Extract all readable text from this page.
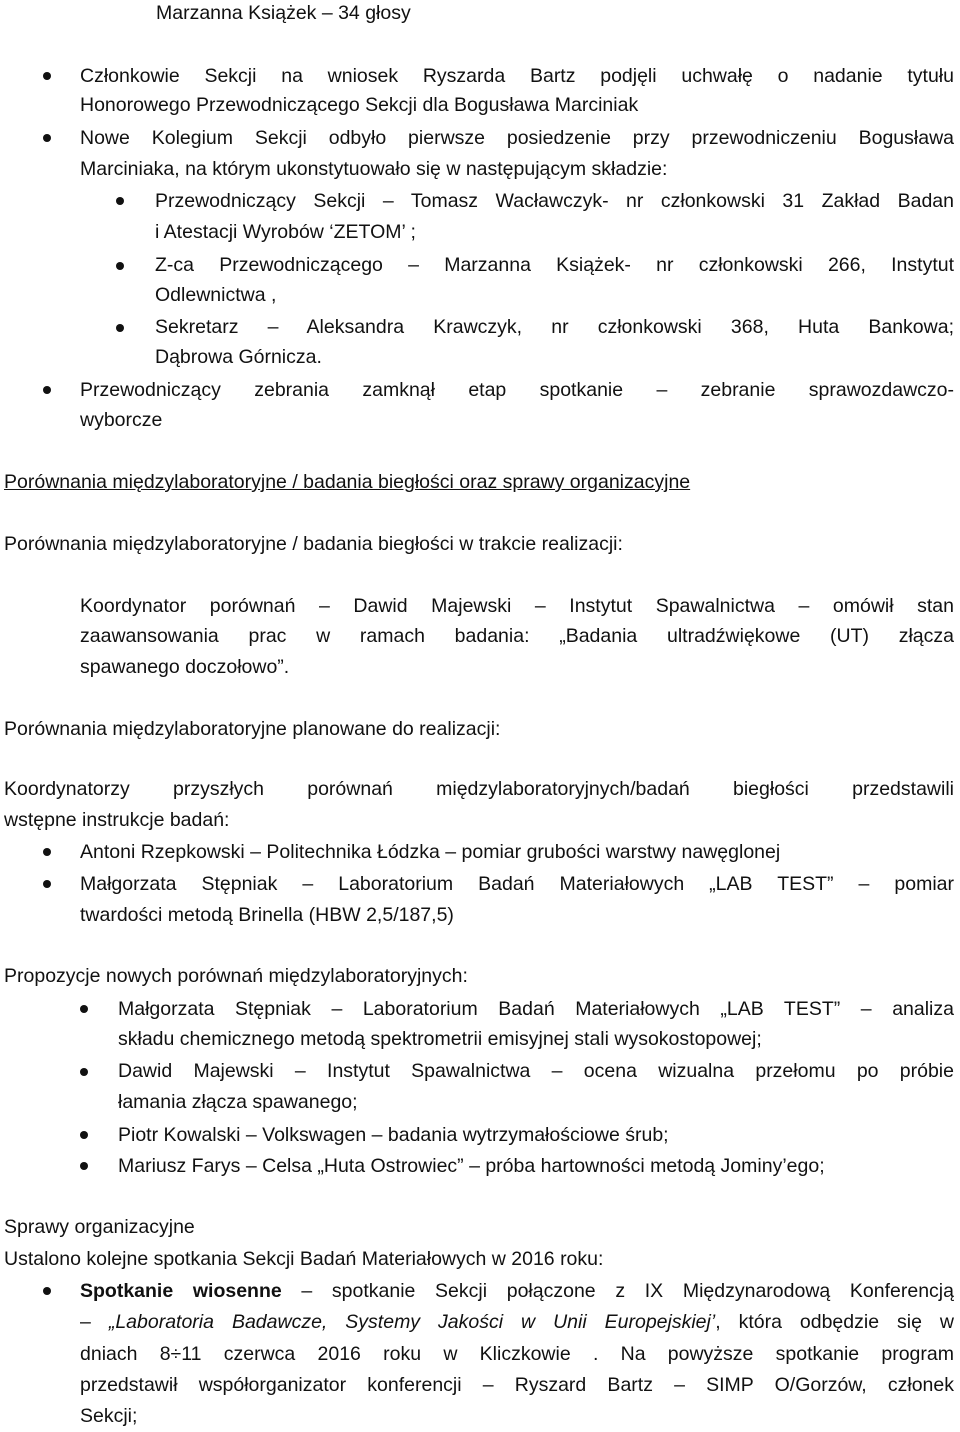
Marzanna Książek – 34 głosy

Członkowie Sekcji na wniosek Ryszarda Bartz podjęli uchwałę o nadanie tytułu

Honorowego Przewodniczącego Sekcji dla Bogusława Marciniak

Nowe Kolegium Sekcji odbyło pierwsze posiedzenie przy przewodniczeniu Bogusława

Marciniaka, na którym ukonstytuowało się w następującym składzie:

Przewodniczący Sekcji – Tomasz Wacławczyk- nr członkowski 31 Zakład Badan

i Atestacji Wyrobów ‘ZETOM’ ;

Z-ca Przewodniczącego – Marzanna Książek- nr członkowski 266, Instytut

Odlewnictwa ,

Sekretarz – Aleksandra Krawczyk, nr członkowski 368, Huta Bankowa;

Dąbrowa Górnicza.

Przewodniczący zebrania zamknął etap spotkanie – zebranie sprawozdawczo-

wyborcze

Porównania międzylaboratoryjne / badania biegłości oraz sprawy organizacyjne

Porównania międzylaboratoryjne / badania biegłości w trakcie realizacji:

Koordynator porównań – Dawid Majewski – Instytut Spawalnictwa – omówił stan

zaawansowania prac w ramach badania: „Badania ultradźwiękowe (UT) złącza

spawanego doczołowo”.

Porównania międzylaboratoryjne planowane do realizacji:

Koordynatorzy przyszłych porównań międzylaboratoryjnych/badań biegłości przedstawili

wstępne instrukcje badań:

Antoni Rzepkowski – Politechnika Łódzka – pomiar grubości warstwy nawęglonej

Małgorzata Stępniak – Laboratorium Badań Materiałowych „LAB TEST” – pomiar

twardości metodą Brinella (HBW 2,5/187,5)

Propozycje nowych porównań międzylaboratoryjnych:

Małgorzata Stępniak – Laboratorium Badań Materiałowych „LAB TEST” – analiza

składu chemicznego metodą spektrometrii emisyjnej stali wysokostopowej;

Dawid Majewski – Instytut Spawalnictwa – ocena wizualna przełomu po próbie

łamania złącza spawanego;

Piotr Kowalski – Volkswagen – badania wytrzymałościowe śrub;

Mariusz Farys – Celsa „Huta Ostrowiec” – próba hartowności metodą Jominy’ego;

Sprawy organizacyjne

Ustalono kolejne spotkania Sekcji Badań Materiałowych w 2016 roku:

Spotkanie wiosenne – spotkanie Sekcji połączone z IX Międzynarodową Konferencją

– „Laboratoria Badawcze, Systemy Jakości w Unii Europejskiej’, która odbędzie się w

dniach 8÷11 czerwca 2016 roku w Kliczkowie . Na powyższe spotkanie program

przedstawił współorganizator konferencji – Ryszard Bartz – SIMP O/Gorzów, członek

Sekcji;
